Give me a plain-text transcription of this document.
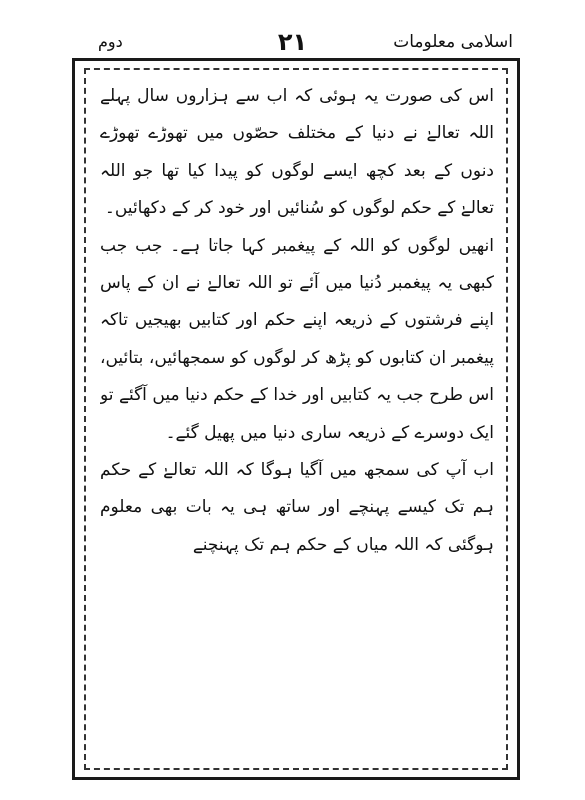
اسلامی معلومات
۲۱
دوم

اس کی صورت یہ ہوئی کہ اب سے ہزاروں سال پہلے اللہ تعالےٰ نے دنیا کے مختلف حصّوں میں تھوڑے تھوڑے دنوں کے بعد کچھ ایسے لوگوں کو پیدا کیا تھا جو اللہ تعالےٰ کے حکم لوگوں کو سُنائیں اور خود کر کے دکھائیں۔

انھیں لوگوں کو اللہ کے پیغمبر کہا جاتا ہے۔ جب جب کبھی یہ پیغمبر دُنیا میں آئے تو اللہ تعالےٰ نے ان کے پاس اپنے فرشتوں کے ذریعہ اپنے حکم اور کتابیں بھیجیں تاکہ پیغمبر ان کتابوں کو پڑھ کر لوگوں کو سمجھائیں، بتائیں، اس طرح جب یہ کتابیں اور خدا کے حکم دنیا میں آگئے تو ایک دوسرے کے ذریعہ ساری دنیا میں پھیل گئے۔

اب آپ کی سمجھ میں آگیا ہوگا کہ اللہ تعالےٰ کے حکم ہم تک کیسے پہنچے اور ساتھ ہی یہ بات بھی معلوم ہوگئی کہ اللہ میاں کے حکم ہم تک پہنچنے
